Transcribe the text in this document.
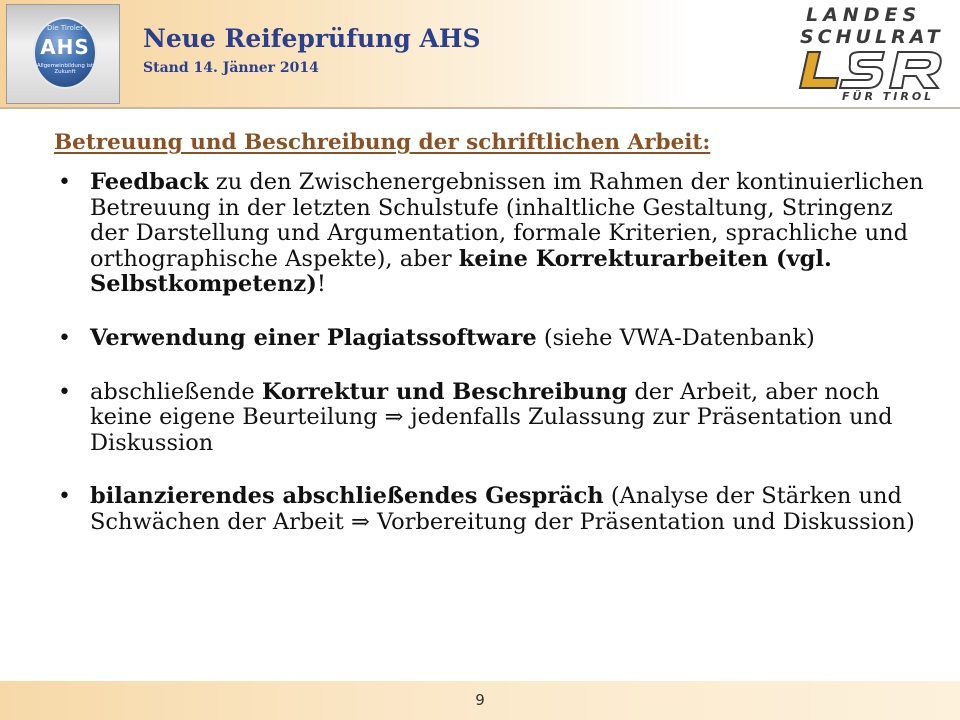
Die Tiroler
AHS
Allgemeinbildung ist Zukunft
Neue Reifeprüfung AHS
Stand 14. Jänner 2014
LANDES
SCHULRAT
FÜR TIROL
Betreuung und Beschreibung der schriftlichen Arbeit:
• Feedback zu den Zwischenergebnissen im Rahmen der kontinuierlichen Betreuung in der letzten Schulstufe (inhaltliche Gestaltung, Stringenz der Darstellung und Argumentation, formale Kriterien, sprachliche und orthographische Aspekte), aber keine Korrekturarbeiten (vgl. Selbstkompetenz)!
• Verwendung einer Plagiatssoftware (siehe VWA-Datenbank)
• abschließende Korrektur und Beschreibung der Arbeit, aber noch keine eigene Beurteilung ⇒ jedenfalls Zulassung zur Präsentation und Diskussion
• bilanzierendes abschließendes Gespräch (Analyse der Stärken und Schwächen der Arbeit ⇒ Vorbereitung der Präsentation und Diskussion)
9
